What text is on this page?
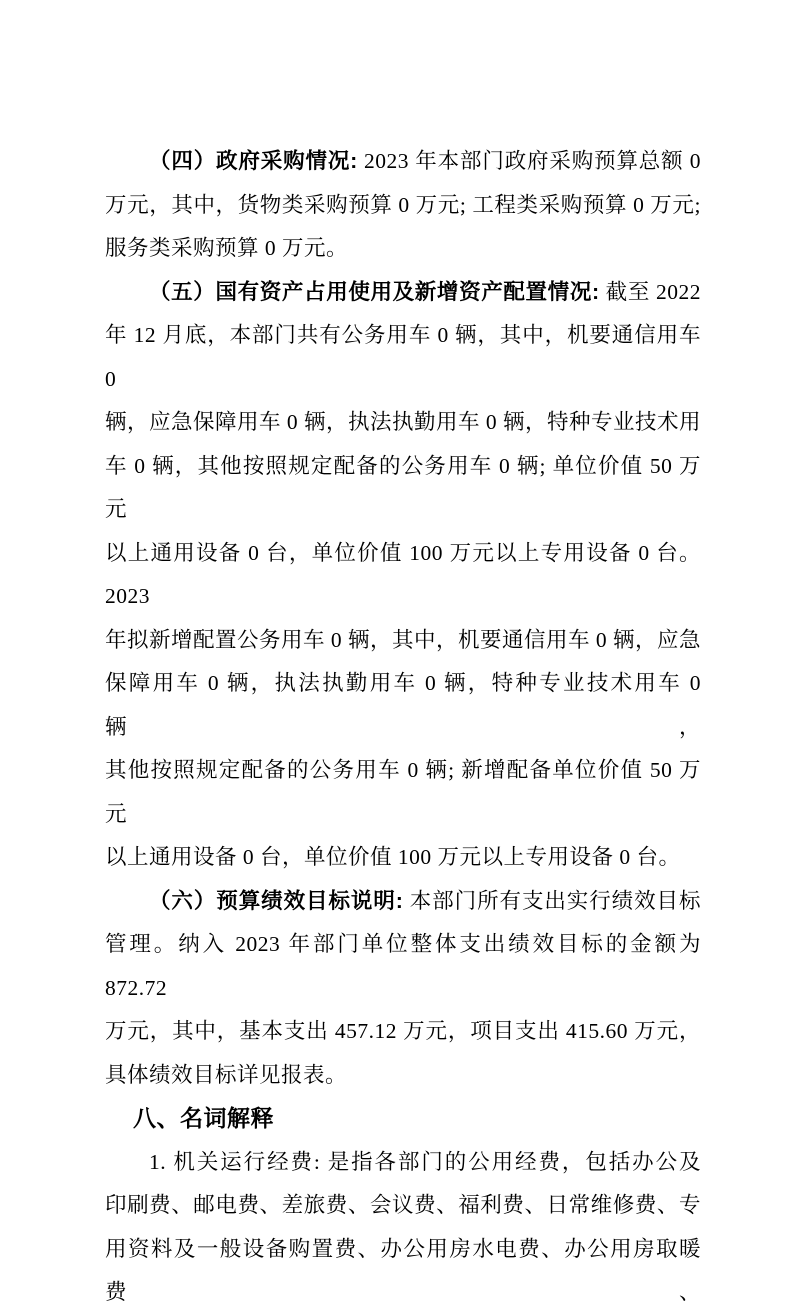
（四）政府采购情况: 2023 年本部门政府采购预算总额 0
万元，其中，货物类采购预算 0 万元; 工程类采购预算 0 万元;
服务类采购预算 0 万元。
（五）国有资产占用使用及新增资产配置情况: 截至 2022
年 12 月底，本部门共有公务用车 0 辆，其中，机要通信用车 0
辆，应急保障用车 0 辆，执法执勤用车 0 辆，特种专业技术用
车 0 辆，其他按照规定配备的公务用车 0 辆; 单位价值 50 万元
以上通用设备 0 台，单位价值 100 万元以上专用设备 0 台。2023
年拟新增配置公务用车 0 辆，其中，机要通信用车 0 辆，应急
保障用车 0 辆，执法执勤用车 0 辆，特种专业技术用车 0 辆，
其他按照规定配备的公务用车 0 辆; 新增配备单位价值 50 万元
以上通用设备 0 台，单位价值 100 万元以上专用设备 0 台。
（六）预算绩效目标说明: 本部门所有支出实行绩效目标
管理。纳入 2023 年部门单位整体支出绩效目标的金额为 872.72
万元，其中，基本支出 457.12 万元，项目支出 415.60 万元，
具体绩效目标详见报表。
八、名词解释
1. 机关运行经费: 是指各部门的公用经费，包括办公及
印刷费、邮电费、差旅费、会议费、福利费、日常维修费、专
用资料及一般设备购置费、办公用房水电费、办公用房取暖费、
